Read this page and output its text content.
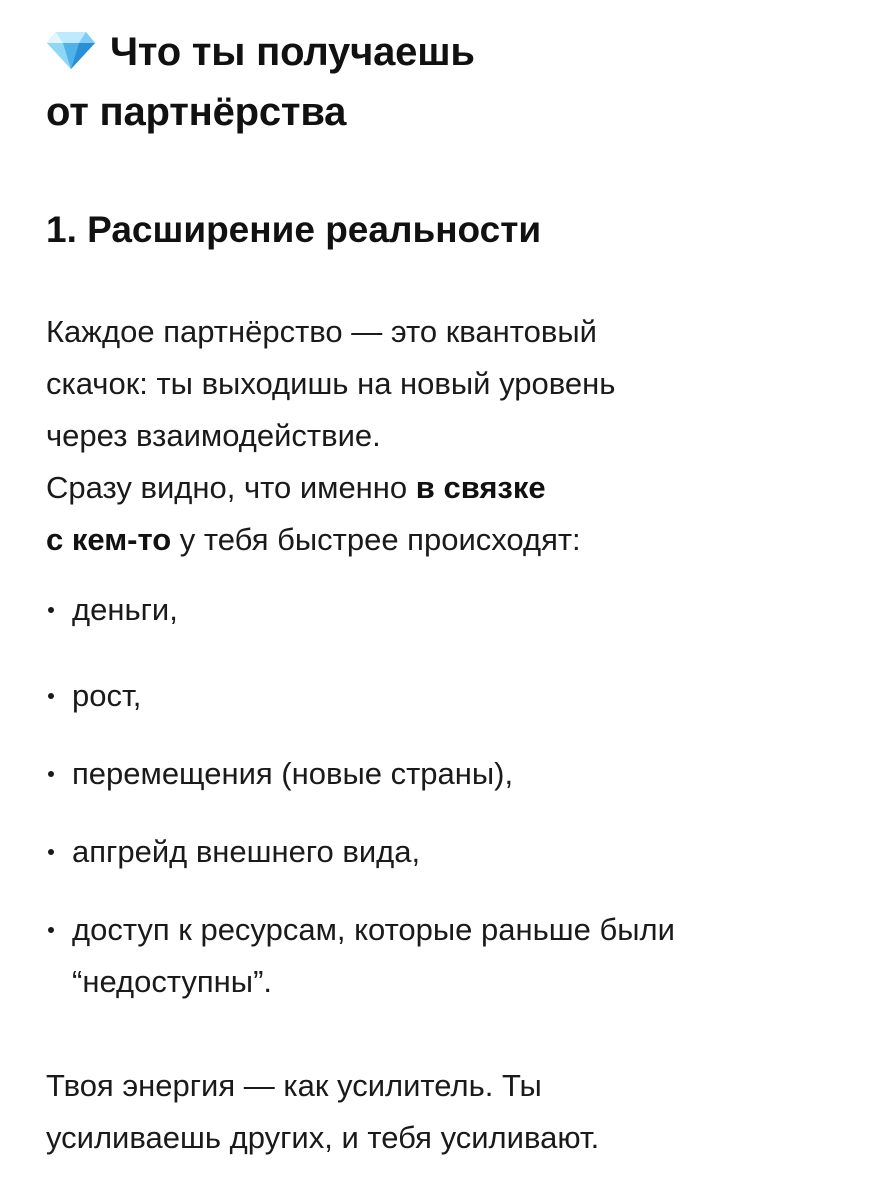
Что ты получаешь
от партнёрства
1. Расширение реальности

Каждое партнёрство — это квантовый
скачок: ты выходишь на новый уровень
через взаимодействие.
Сразу видно, что именно в связке
с кем-то у тебя быстрее происходят:

деньги,
рост,
перемещения (новые страны),
апгрейд внешнего вида,
доступ к ресурсам, которые раньше были
“недоступны”.

Твоя энергия — как усилитель. Ты
усиливаешь других, и тебя усиливают.
